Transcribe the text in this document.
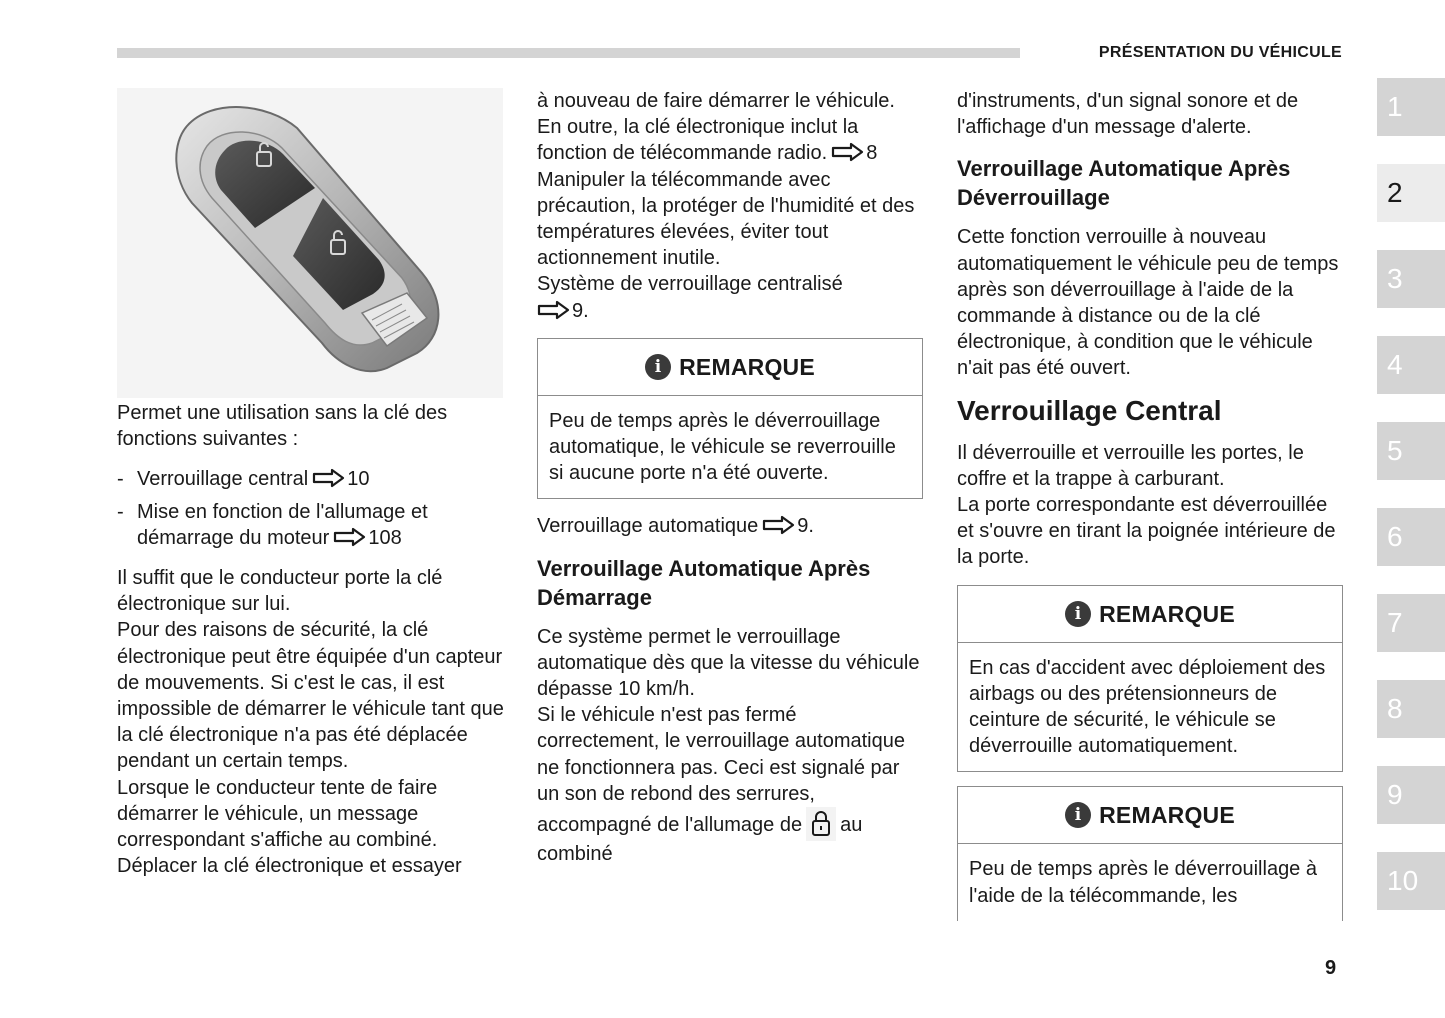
PRÉSENTATION DU VÉHICULE
1
2
3
4
5
6
7
8
9
10

Permet une utilisation sans la clé des fonctions suivantes :

- Verrouillage central 10
- Mise en fonction de l'allumage et démarrage du moteur 108

Il suffit que le conducteur porte la clé électronique sur lui.

Pour des raisons de sécurité, la clé électronique peut être équipée d'un capteur de mouvements. Si c'est le cas, il est impossible de démarrer le véhicule tant que la clé électronique n'a pas été déplacée pendant un certain temps.

Lorsque le conducteur tente de faire démarrer le véhicule, un message correspondant s'affiche au combiné. Déplacer la clé électronique et essayer

à nouveau de faire démarrer le véhicule.

En outre, la clé électronique inclut la fonction de télécommande radio. 8

Manipuler la télécommande avec précaution, la protéger de l'humidité et des températures élevées, éviter tout actionnement inutile.

Système de verrouillage centralisé

9.

i REMARQUE
Peu de temps après le déverrouillage automatique, le véhicule se reverrouille si aucune porte n'a été ouverte.

Verrouillage automatique 9.

Verrouillage Automatique Après Démarrage

Ce système permet le verrouillage automatique dès que la vitesse du véhicule dépasse 10 km/h.

Si le véhicule n'est pas fermé correctement, le verrouillage automatique ne fonctionnera pas. Ceci est signalé par un son de rebond des serrures, accompagné de l'allumage de au combiné

d'instruments, d'un signal sonore et de l'affichage d'un message d'alerte.

Verrouillage Automatique Après Déverrouillage

Cette fonction verrouille à nouveau automatiquement le véhicule peu de temps après son déverrouillage à l'aide de la commande à distance ou de la clé électronique, à condition que le véhicule n'ait pas été ouvert.

Verrouillage Central

Il déverrouille et verrouille les portes, le coffre et la trappe à carburant.

La porte correspondante est déverrouillée et s'ouvre en tirant la poignée intérieure de la porte.

i REMARQUE
En cas d'accident avec déploiement des airbags ou des prétensionneurs de ceinture de sécurité, le véhicule se déverrouille automatiquement.
i REMARQUE
Peu de temps après le déverrouillage à l'aide de la télécommande, les
9
